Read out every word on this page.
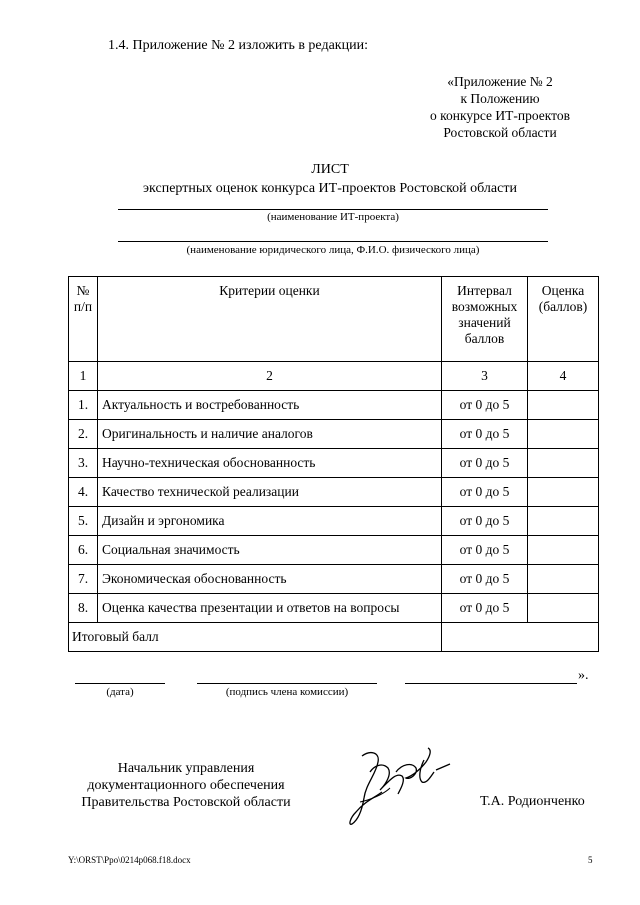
1.4. Приложение № 2 изложить в редакции:
«Приложение № 2
к Положению
о конкурсе ИТ-проектов
Ростовской области
ЛИСТ
экспертных оценок конкурса ИТ-проектов Ростовской области
(наименование ИТ-проекта)
(наименование юридического лица, Ф.И.О. физического лица)
№ п/п	Критерии оценки	Интервал возможных значений баллов	Оценка (баллов)
1	2	3	4
1.	Актуальность и востребованность	от 0 до 5	
2.	Оригинальность и наличие аналогов	от 0 до 5	
3.	Научно-техническая обоснованность	от 0 до 5	
4.	Качество технической реализации	от 0 до 5	
5.	Дизайн и эргономика	от 0 до 5	
6.	Социальная значимость	от 0 до 5	
7.	Экономическая обоснованность	от 0 до 5	
8.	Оценка качества презентации и ответов на вопросы	от 0 до 5	
Итоговый балл			
(дата)	(подпись члена комиссии)
».
Начальник управления
документационного обеспечения
Правительства Ростовской области	Т.А. Родионченко
Y:\ORST\Ppo\0214p068.f18.docx	5
